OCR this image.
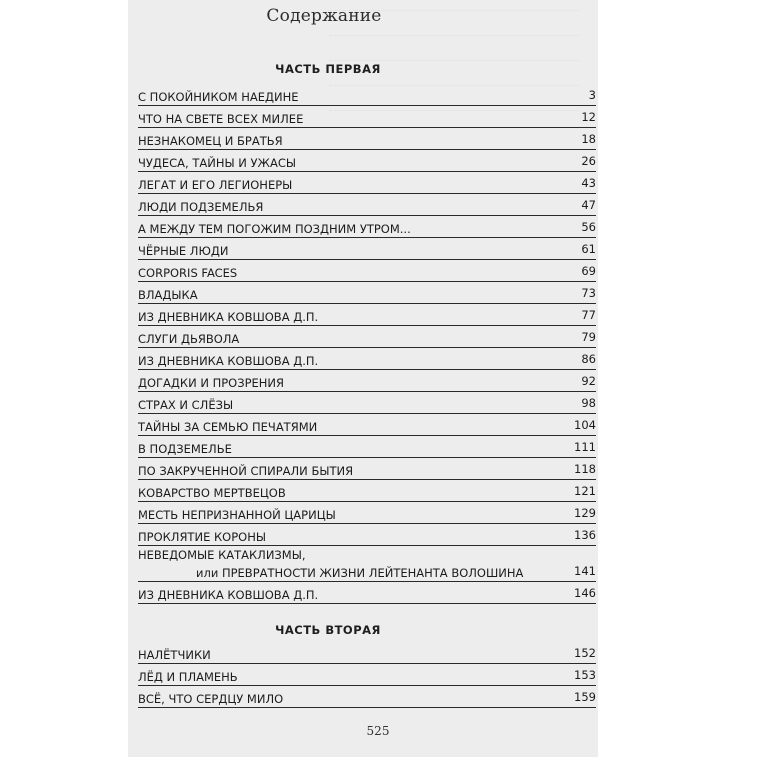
Содержание
ЧАСТЬ ПЕРВАЯ
С ПОКОЙНИКОМ НАЕДИНЕ	3
ЧТО НА СВЕТЕ ВСЕХ МИЛЕЕ	12
НЕЗНАКОМЕЦ И БРАТЬЯ	18
ЧУДЕСА, ТАЙНЫ И УЖАСЫ	26
ЛЕГАТ И ЕГО ЛЕГИОНЕРЫ	43
ЛЮДИ ПОДЗЕМЕЛЬЯ	47
А МЕЖДУ ТЕМ ПОГОЖИМ ПОЗДНИМ УТРОМ...	56
ЧЁРНЫЕ ЛЮДИ	61
CORPORIS FACES	69
ВЛАДЫКА	73
ИЗ ДНЕВНИКА КОВШОВА Д.П.	77
СЛУГИ ДЬЯВОЛА	79
ИЗ ДНЕВНИКА КОВШОВА Д.П.	86
ДОГАДКИ И ПРОЗРЕНИЯ	92
СТРАХ И СЛЁЗЫ	98
ТАЙНЫ ЗА СЕМЬЮ ПЕЧАТЯМИ	104
В ПОДЗЕМЕЛЬЕ	111
ПО ЗАКРУЧЕННОЙ СПИРАЛИ БЫТИЯ	118
КОВАРСТВО МЕРТВЕЦОВ	121
МЕСТЬ НЕПРИЗНАННОЙ ЦАРИЦЫ	129
ПРОКЛЯТИЕ КОРОНЫ	136
НЕВЕДОМЫЕ КАТАКЛИЗМЫ,
или ПРЕВРАТНОСТИ ЖИЗНИ ЛЕЙТЕНАНТА ВОЛОШИНА	141
ИЗ ДНЕВНИКА КОВШОВА Д.П.	146
ЧАСТЬ ВТОРАЯ
НАЛЁТЧИКИ	152
ЛЁД И ПЛАМЕНЬ	153
ВСЁ, ЧТО СЕРДЦУ МИЛО	159
525
